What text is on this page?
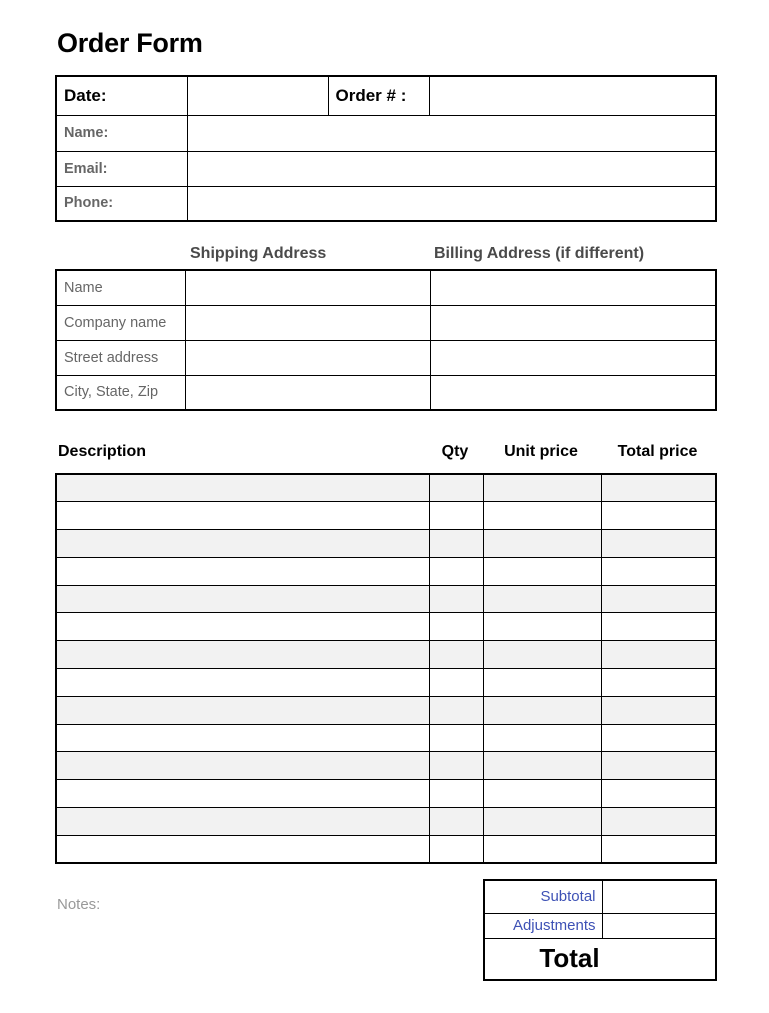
Order Form
Date:		Order # :	
Name:			
Email:			
Phone:			
Shipping Address	Billing Address (if different)
Name		
Company name		
Street address		
City, State, Zip		
Description	Qty	Unit price	Total price

Notes:	Subtotal	
Adjustments	
Total	
